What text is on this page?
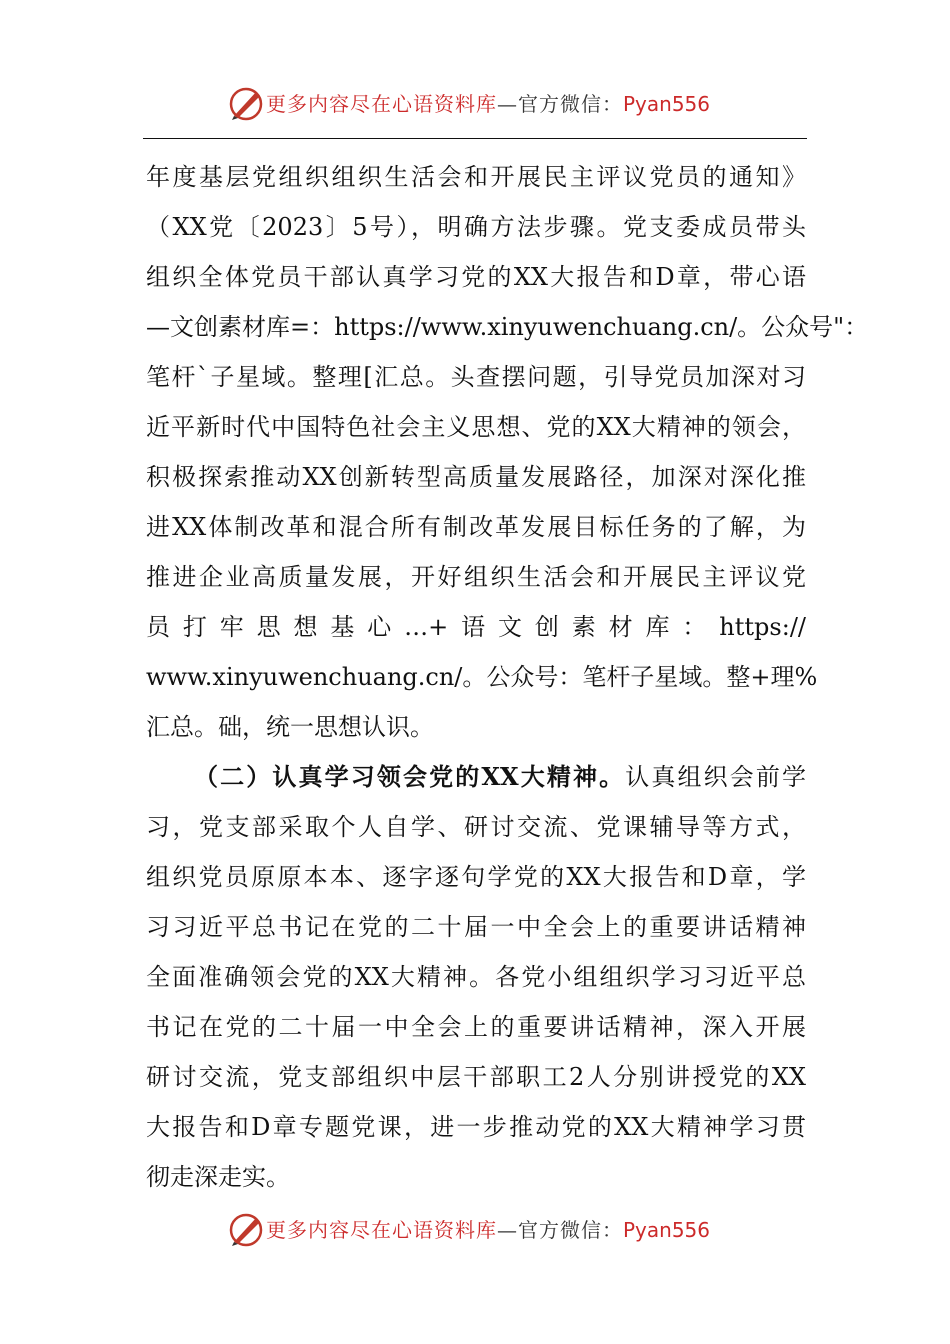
更多内容尽在心语资料库—官方微信：Pyan556
年度基层党组织组织生活会和开展民主评议党员的通知》
（XX党〔2023〕5号），明确方法步骤。党支委成员带头
组织全体党员干部认真学习党的XX大报告和D章，带心语
—文创素材库=：https://www.xinyuwenchuang.cn/。公众号"：
笔杆`子星域。整理[汇总。头查摆问题，引导党员加深对习
近平新时代中国特色社会主义思想、党的XX大精神的领会，
积极探索推动XX创新转型高质量发展路径，加深对深化推
进XX体制改革和混合所有制改革发展目标任务的了解，为
推进企业高质量发展，开好组织生活会和开展民主评议党
员打牢思想基心…+语文创素材库：https://
www.xinyuwenchuang.cn/。公众号：笔杆子星域。整+理%
汇总。础，统一思想认识。
（二）认真学习领会党的XX大精神。认真组织会前学
习，党支部采取个人自学、研讨交流、党课辅导等方式，
组织党员原原本本、逐字逐句学党的XX大报告和D章，学
习习近平总书记在党的二十届一中全会上的重要讲话精神
全面准确领会党的XX大精神。各党小组组织学习习近平总
书记在党的二十届一中全会上的重要讲话精神，深入开展
研讨交流，党支部组织中层干部职工2人分别讲授党的XX
大报告和D章专题党课，进一步推动党的XX大精神学习贯
彻走深走实。
更多内容尽在心语资料库—官方微信：Pyan556
